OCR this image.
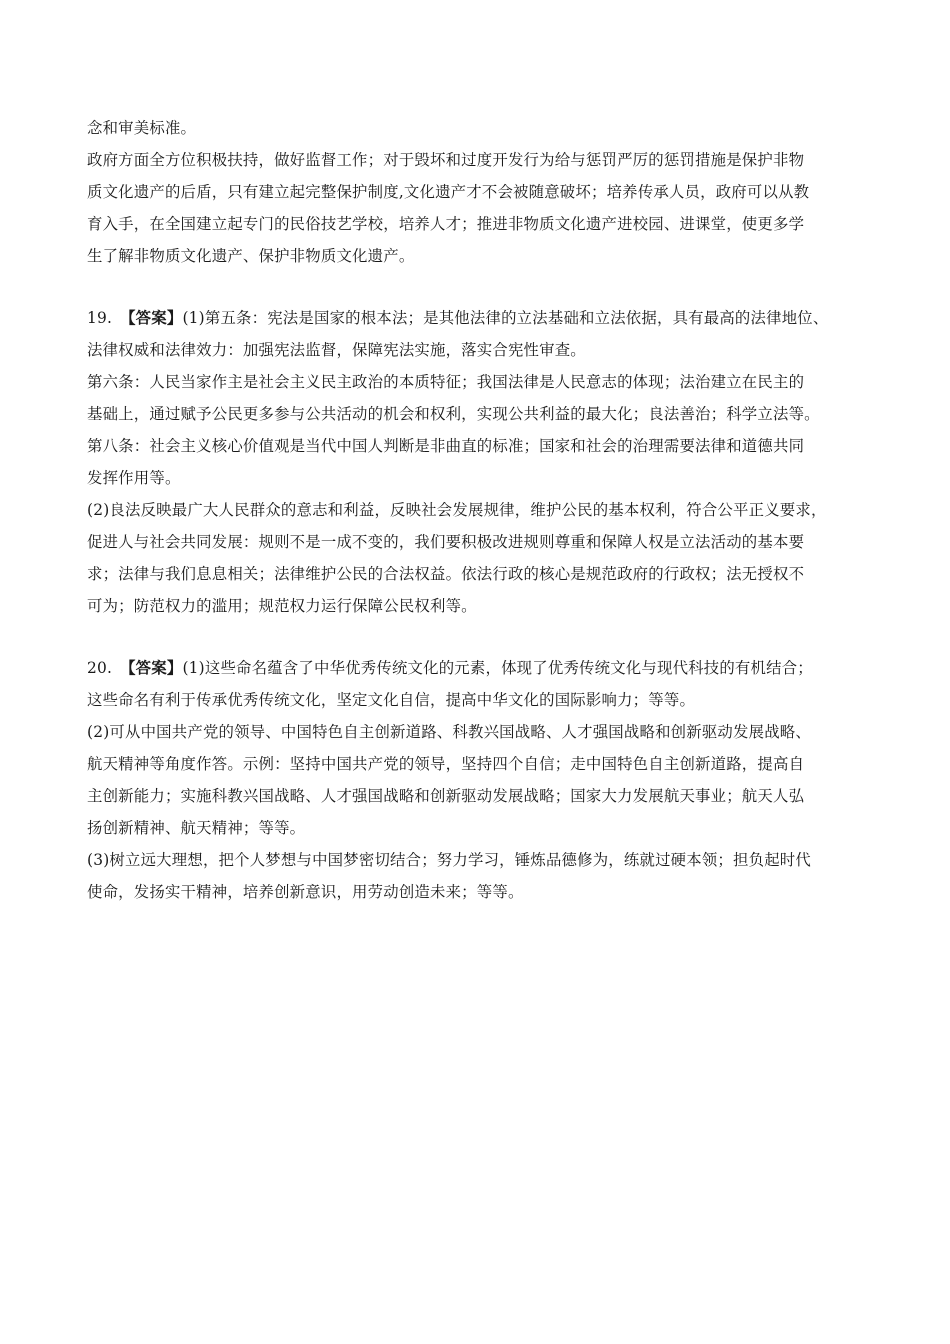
念和审美标准。
政府方面全方位积极扶持，做好监督工作；对于毁坏和过度开发行为给与惩罚严厉的惩罚措施是保护非物
质文化遗产的后盾，只有建立起完整保护制度,文化遗产才不会被随意破坏；培养传承人员，政府可以从教
育入手，在全国建立起专门的民俗技艺学校，培养人才；推进非物质文化遗产进校园、进课堂，使更多学
生了解非物质文化遗产、保护非物质文化遗产。
19. 【答案】(1)第五条：宪法是国家的根本法；是其他法律的立法基础和立法依据，具有最高的法律地位、
法律权威和法律效力：加强宪法监督，保障宪法实施，落实合宪性审查。
第六条：人民当家作主是社会主义民主政治的本质特征；我国法律是人民意志的体现；法治建立在民主的
基础上，通过赋予公民更多参与公共活动的机会和权利，实现公共利益的最大化；良法善治；科学立法等。
第八条：社会主义核心价值观是当代中国人判断是非曲直的标准；国家和社会的治理需要法律和道德共同
发挥作用等。
(2)良法反映最广大人民群众的意志和利益，反映社会发展规律，维护公民的基本权利，符合公平正义要求，
促进人与社会共同发展：规则不是一成不变的，我们要积极改进规则尊重和保障人权是立法活动的基本要
求；法律与我们息息相关；法律维护公民的合法权益。依法行政的核心是规范政府的行政权；法无授权不
可为；防范权力的滥用；规范权力运行保障公民权利等。
20. 【答案】(1)这些命名蕴含了中华优秀传统文化的元素，体现了优秀传统文化与现代科技的有机结合；
这些命名有利于传承优秀传统文化，坚定文化自信，提高中华文化的国际影响力；等等。
(2)可从中国共产党的领导、中国特色自主创新道路、科教兴国战略、人才强国战略和创新驱动发展战略、
航天精神等角度作答。示例：坚持中国共产党的领导，坚持四个自信；走中国特色自主创新道路，提高自
主创新能力；实施科教兴国战略、人才强国战略和创新驱动发展战略；国家大力发展航天事业；航天人弘
扬创新精神、航天精神；等等。
(3)树立远大理想，把个人梦想与中国梦密切结合；努力学习，锤炼品德修为，练就过硬本领；担负起时代
使命，发扬实干精神，培养创新意识，用劳动创造未来；等等。
